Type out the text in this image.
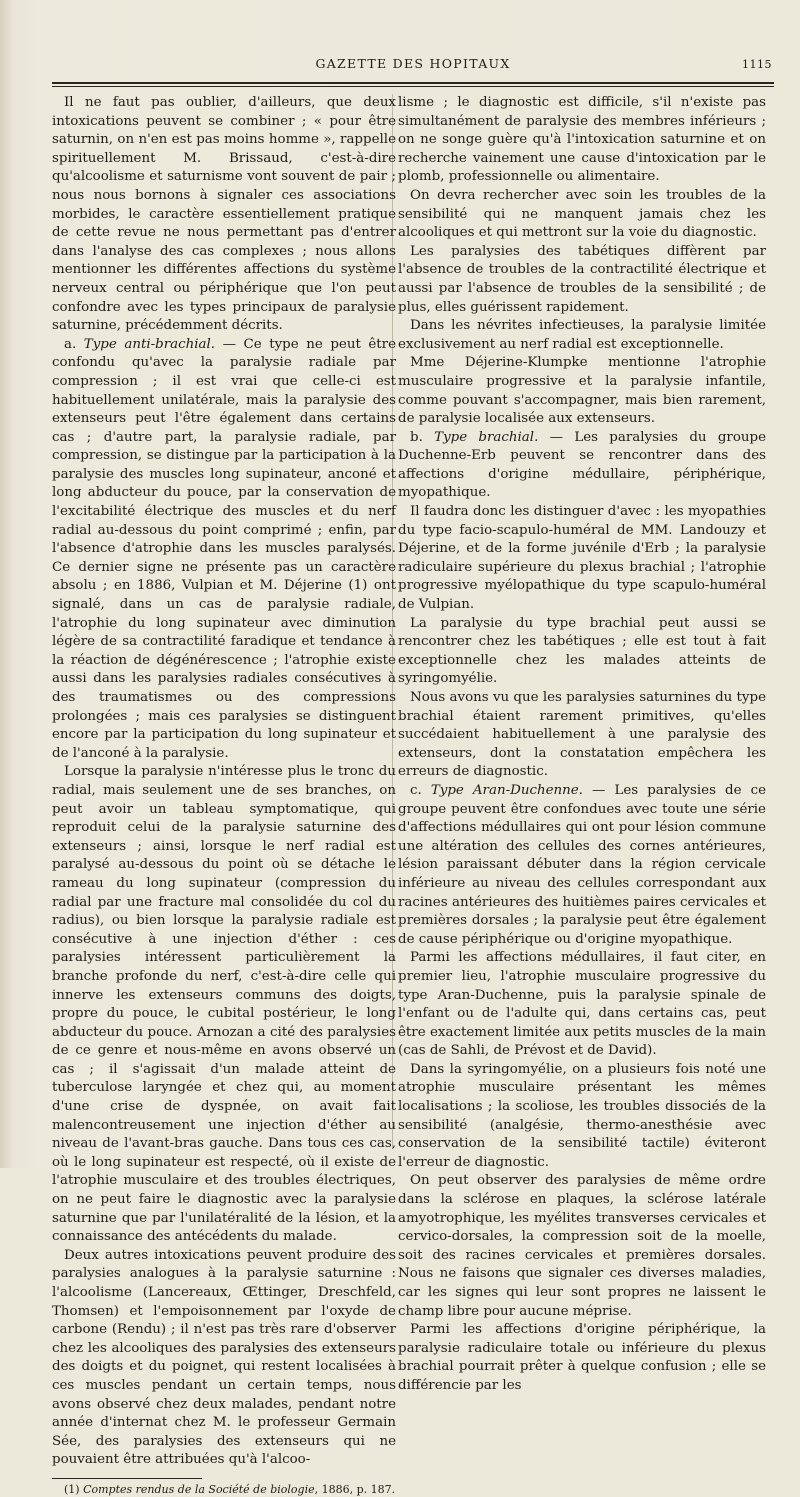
GAZETTE DES HOPITAUX	1115

Il ne faut pas oublier, d'ailleurs, que deux intoxications peuvent se combiner ; « pour être saturnin, on n'en est pas moins homme », rappelle spirituellement M. Brissaud, c'est-à-dire qu'alcoolisme et saturnisme vont souvent de pair ; nous nous bornons à signaler ces associations morbides, le caractère essentiellement pratique de cette revue ne nous permettant pas d'entrer dans l'analyse des cas complexes ; nous allons mentionner les différentes affections du système nerveux central ou périphérique que l'on peut confondre avec les types principaux de paralysie saturnine, précédemment décrits.

a. Type anti-brachial. — Ce type ne peut être confondu qu'avec la paralysie radiale par compression ; il est vrai que celle-ci est habituellement unilatérale, mais la paralysie des extenseurs peut l'être également dans certains cas ; d'autre part, la paralysie radiale, par compression, se distingue par la participation à la paralysie des muscles long supinateur, anconé et long abducteur du pouce, par la conservation de l'excitabilité électrique des muscles et du nerf radial au-dessous du point comprimé ; enfin, par l'absence d'atrophie dans les muscles paralysés. Ce dernier signe ne présente pas un caractère absolu ; en 1886, Vulpian et M. Déjerine (1) ont signalé, dans un cas de paralysie radiale, l'atrophie du long supinateur avec diminution légère de sa contractilité faradique et tendance à la réaction de dégénérescence ; l'atrophie existe aussi dans les paralysies radiales consécutives à des traumatismes ou des compressions prolongées ; mais ces paralysies se distinguent encore par la participation du long supinateur et de l'anconé à la paralysie.

Lorsque la paralysie n'intéresse plus le tronc du radial, mais seulement une de ses branches, on peut avoir un tableau symptomatique, qui reproduit celui de la paralysie saturnine des extenseurs ; ainsi, lorsque le nerf radial est paralysé au-dessous du point où se détache le rameau du long supinateur (compression du radial par une fracture mal consolidée du col du radius), ou bien lorsque la paralysie radiale est consécutive à une injection d'éther : ces paralysies intéressent particulièrement la branche profonde du nerf, c'est-à-dire celle qui innerve les extenseurs communs des doigts, propre du pouce, le cubital postérieur, le long abducteur du pouce. Arnozan a cité des paralysies de ce genre et nous-même en avons observé un cas ; il s'agissait d'un malade atteint de tuberculose laryngée et chez qui, au moment d'une crise de dyspnée, on avait fait malencontreusement une injection d'éther au niveau de l'avant-bras gauche. Dans tous ces cas, où le long supinateur est respecté, où il existe de l'atrophie musculaire et des troubles électriques, on ne peut faire le diagnostic avec la paralysie saturnine que par l'unilatéralité de la lésion, et la connaissance des antécédents du malade.

Deux autres intoxications peuvent produire des paralysies analogues à la paralysie saturnine : l'alcoolisme (Lancereaux, Œttinger, Dreschfeld, Thomsen) et l'empoisonnement par l'oxyde de carbone (Rendu) ; il n'est pas très rare d'observer chez les alcooliques des paralysies des extenseurs des doigts et du poignet, qui restent localisées à ces muscles pendant un certain temps, nous avons observé chez deux malades, pendant notre année d'internat chez M. le professeur Germain Sée, des paralysies des extenseurs qui ne pouvaient être attribuées qu'à l'alcoo-

(1) Comptes rendus de la Société de biologie, 1886, p. 187.

lisme ; le diagnostic est difficile, s'il n'existe pas simultanément de paralysie des membres inférieurs ; on ne songe guère qu'à l'intoxication saturnine et on recherche vainement une cause d'intoxication par le plomb, professionnelle ou alimentaire.

On devra rechercher avec soin les troubles de la sensibilité qui ne manquent jamais chez les alcooliques et qui mettront sur la voie du diagnostic.

Les paralysies des tabétiques diffèrent par l'absence de troubles de la contractilité électrique et aussi par l'absence de troubles de la sensibilité ; de plus, elles guérissent rapidement.

Dans les névrites infectieuses, la paralysie limitée exclusivement au nerf radial est exceptionnelle.

Mme Déjerine-Klumpke mentionne l'atrophie musculaire progressive et la paralysie infantile, comme pouvant s'accompagner, mais bien rarement, de paralysie localisée aux extenseurs.

b. Type brachial. — Les paralysies du groupe Duchenne-Erb peuvent se rencontrer dans des affections d'origine médullaire, périphérique, myopathique.

Il faudra donc les distinguer d'avec : les myopathies du type facio-scapulo-huméral de MM. Landouzy et Déjerine, et de la forme juvénile d'Erb ; la paralysie radiculaire supérieure du plexus brachial ; l'atrophie progressive myélopathique du type scapulo-huméral de Vulpian.

La paralysie du type brachial peut aussi se rencontrer chez les tabétiques ; elle est tout à fait exceptionnelle chez les malades atteints de syringomyélie.

Nous avons vu que les paralysies saturnines du type brachial étaient rarement primitives, qu'elles succédaient habituellement à une paralysie des extenseurs, dont la constatation empêchera les erreurs de diagnostic.

c. Type Aran-Duchenne. — Les paralysies de ce groupe peuvent être confondues avec toute une série d'affections médullaires qui ont pour lésion commune une altération des cellules des cornes antérieures, lésion paraissant débuter dans la région cervicale inférieure au niveau des cellules correspondant aux racines antérieures des huitièmes paires cervicales et premières dorsales ; la paralysie peut être également de cause périphérique ou d'origine myopathique.

Parmi les affections médullaires, il faut citer, en premier lieu, l'atrophie musculaire progressive du type Aran-Duchenne, puis la paralysie spinale de l'enfant ou de l'adulte qui, dans certains cas, peut être exactement limitée aux petits muscles de la main (cas de Sahli, de Prévost et de David).

Dans la syringomyélie, on a plusieurs fois noté une atrophie musculaire présentant les mêmes localisations ; la scoliose, les troubles dissociés de la sensibilité (analgésie, thermo-anesthésie avec conservation de la sensibilité tactile) éviteront l'erreur de diagnostic.

On peut observer des paralysies de même ordre dans la sclérose en plaques, la sclérose latérale amyotrophique, les myélites transverses cervicales et cervico-dorsales, la compression soit de la moelle, soit des racines cervicales et premières dorsales. Nous ne faisons que signaler ces diverses maladies, car les signes qui leur sont propres ne laissent le champ libre pour aucune méprise.

Parmi les affections d'origine périphérique, la paralysie radiculaire totale ou inférieure du plexus brachial pourrait prêter à quelque confusion ; elle se différencie par les
